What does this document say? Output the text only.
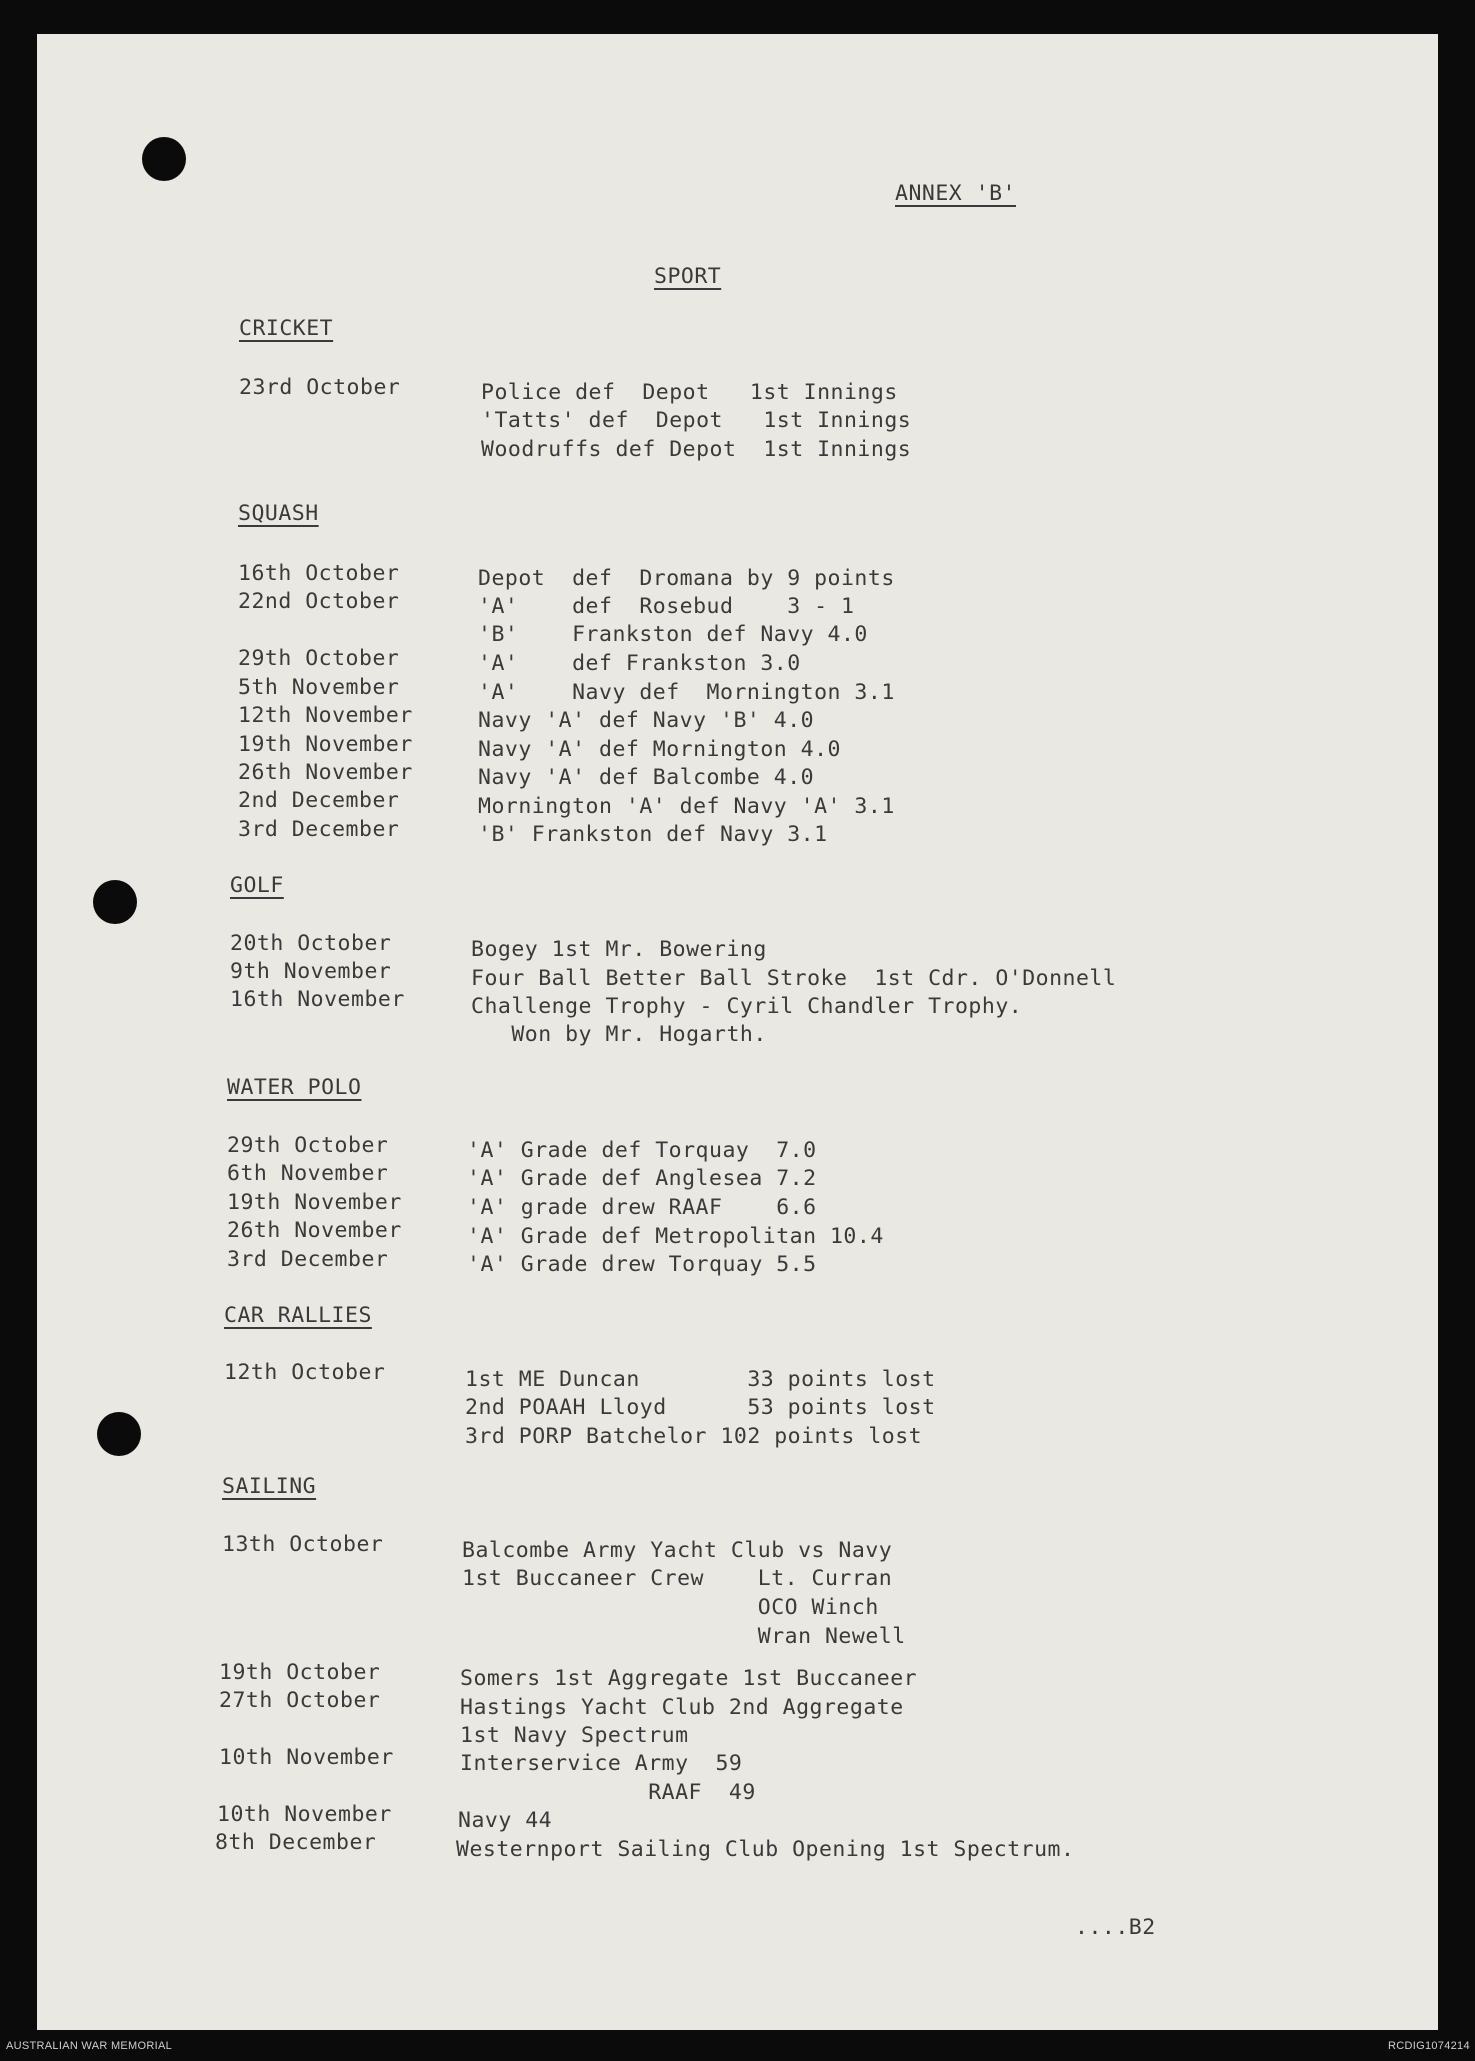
ANNEX 'B'
SPORT
CRICKET
23rd October	Police def  Depot   1st Innings
'Tatts' def  Depot   1st Innings
Woodruffs def Depot  1st Innings
SQUASH
16th October	Depot  def  Dromana by 9 points
22nd October	'A'    def  Rosebud    3 - 1
'B'    Frankston def Navy 4.0
29th October	'A'    def Frankston 3.0
5th November	'A'    Navy def  Mornington 3.1
12th November	Navy 'A' def Navy 'B' 4.0
19th November	Navy 'A' def Mornington 4.0
26th November	Navy 'A' def Balcombe 4.0
2nd December	Mornington 'A' def Navy 'A' 3.1
3rd December	'B' Frankston def Navy 3.1
GOLF
20th October	Bogey 1st Mr. Bowering
9th November	Four Ball Better Ball Stroke  1st Cdr. O'Donnell
16th November	Challenge Trophy - Cyril Chandler Trophy.
Won by Mr. Hogarth.
WATER POLO
29th October	'A' Grade def Torquay  7.0
6th November	'A' Grade def Anglesea 7.2
19th November	'A' grade drew RAAF    6.6
26th November	'A' Grade def Metropolitan 10.4
3rd December	'A' Grade drew Torquay 5.5
CAR RALLIES
12th October	1st ME Duncan        33 points lost
2nd POAAH Lloyd      53 points lost
3rd PORP Batchelor 102 points lost
SAILING
13th October	Balcombe Army Yacht Club vs Navy
1st Buccaneer Crew    Lt. Curran
OCO Winch
Wran Newell
19th October	Somers 1st Aggregate 1st Buccaneer
27th October	Hastings Yacht Club 2nd Aggregate
1st Navy Spectrum
10th November	Interservice Army  59
RAAF  49
10th November	Navy 44
8th December	Westernport Sailing Club Opening 1st Spectrum.
....B2
AUSTRALIAN WAR MEMORIAL	RCDIG1074214
